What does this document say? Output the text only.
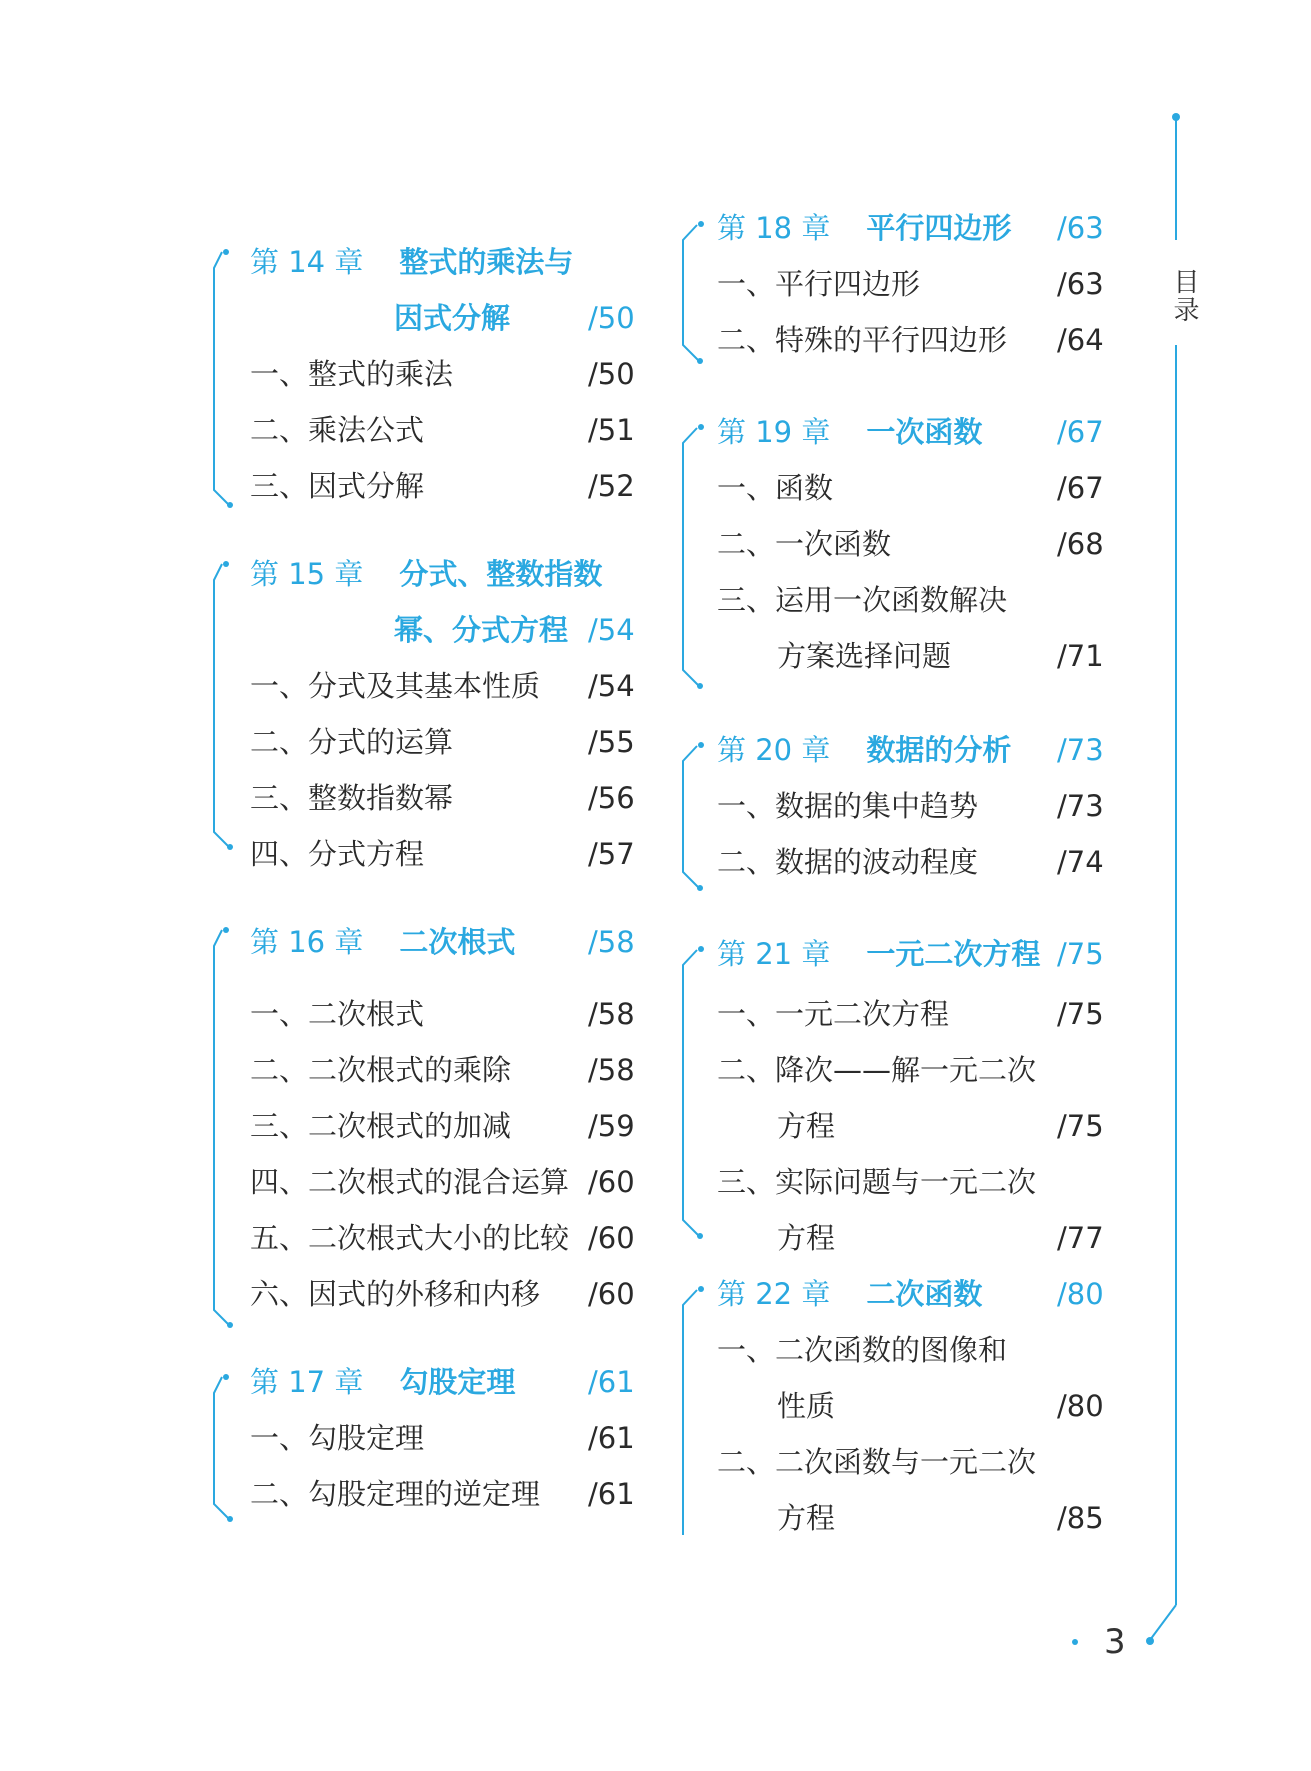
目录
3
第 14 章 整式的乘法与
因式分解	/50
一、整式的乘法	/50
二、乘法公式	/51
三、因式分解	/52
第 15 章 分式、整数指数
幂、分式方程 /54
一、分式及其基本性质 /54
二、分式的运算	/55
三、整数指数幂	/56
四、分式方程	/57
第 16 章 二次根式	/58
一、二次根式	/58
二、二次根式的乘除	/58
三、二次根式的加减	/59
四、二次根式的混合运算 /60
五、二次根式大小的比较 /60
六、因式的外移和内移 /60
第 17 章 勾股定理	/61
一、勾股定理	/61
二、勾股定理的逆定理 /61
第 18 章 平行四边形 /63
一、平行四边形	/63
二、特殊的平行四边形 /64
第 19 章 一次函数	/67
一、函数	/67
二、一次函数	/68
三、运用一次函数解决
方案选择问题	/71
第 20 章 数据的分析 /73
一、数据的集中趋势	/73
二、数据的波动程度	/74
第 21 章 一元二次方程 /75
一、一元二次方程	/75
二、降次——解一元二次
方程	/75
三、实际问题与一元二次
方程	/77
第 22 章 二次函数	/80
一、二次函数的图像和
性质	/80
二、二次函数与一元二次
方程	/85
